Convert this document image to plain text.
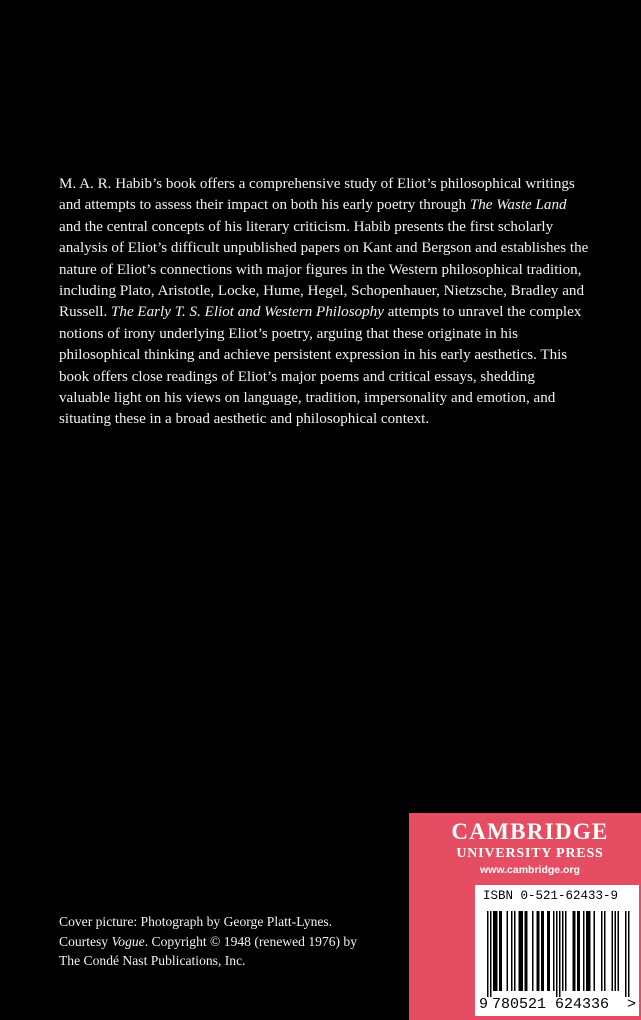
M. A. R. Habib’s book offers a comprehensive study of Eliot’s philosophical writings and attempts to assess their impact on both his early poetry through The Waste Land and the central concepts of his literary criticism. Habib presents the first scholarly analysis of Eliot’s difficult unpublished papers on Kant and Bergson and establishes the nature of Eliot’s connections with major figures in the Western philosophical tradition, including Plato, Aristotle, Locke, Hume, Hegel, Schopenhauer, Nietzsche, Bradley and Russell. The Early T. S. Eliot and Western Philosophy attempts to unravel the complex notions of irony underlying Eliot’s poetry, arguing that these originate in his philosophical thinking and achieve persistent expression in his early aesthetics. This book offers close readings of Eliot’s major poems and critical essays, shedding valuable light on his views on language, tradition, impersonality and emotion, and situating these in a broad aesthetic and philosophical context.

Cover picture: Photograph by George Platt-Lynes.
Courtesy Vogue. Copyright © 1948 (renewed 1976) by
The Condé Nast Publications, Inc.

CAMBRIDGE

UNIVERSITY PRESS

www.cambridge.org

ISBN 0-521-62433-9

9 780521 624336 >
